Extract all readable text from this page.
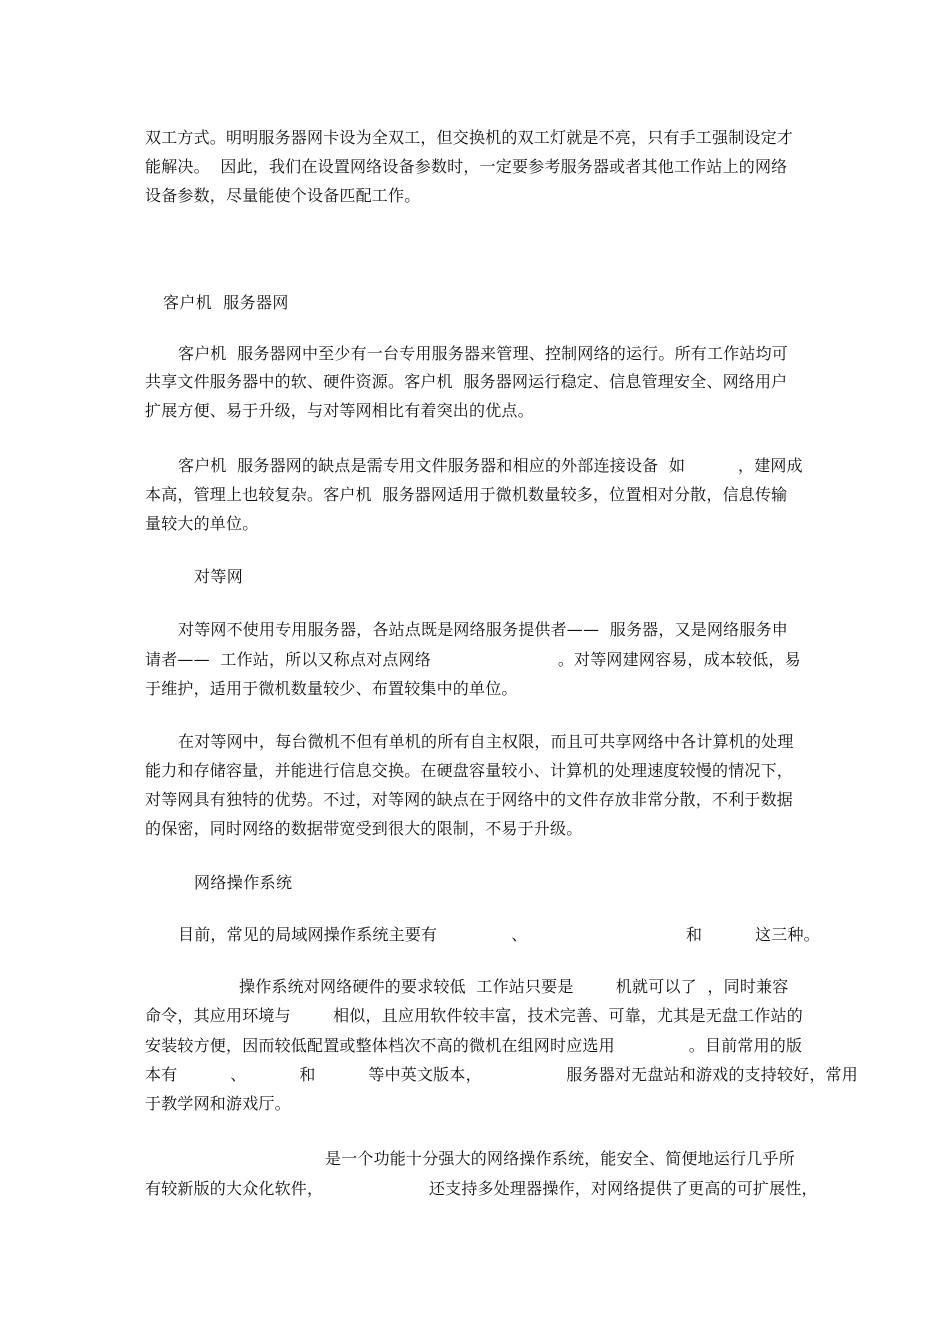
双工方式。明明服务器网卡设为全双工，但交换机的双工灯就是不亮，只有手工强制设定才
能解决。  因此，我们在设置网络设备参数时，一定要参考服务器或者其他工作站上的网络
设备参数，尽量能使个设备匹配工作。
客户机  服务器网
客户机  服务器网中至少有一台专用服务器来管理、控制网络的运行。所有工作站均可
共享文件服务器中的软、硬件资源。客户机  服务器网运行稳定、信息管理安全、网络用户
扩展方便、易于升级，与对等网相比有着突出的优点。
客户机  服务器网的缺点是需专用文件服务器和相应的外部连接设备  如          ，建网成
本高，管理上也较复杂。客户机  服务器网适用于微机数量较多，位置相对分散，信息传输
量较大的单位。
对等网
对等网不使用专用服务器，各站点既是网络服务提供者——  服务器，又是网络服务申
请者——  工作站，所以又称点对点网络                        。对等网建网容易，成本较低，易
于维护，适用于微机数量较少、布置较集中的单位。
在对等网中，每台微机不但有单机的所有自主权限，而且可共享网络中各计算机的处理
能力和存储容量，并能进行信息交换。在硬盘容量较小、计算机的处理速度较慢的情况下，
对等网具有独特的优势。不过，对等网的缺点在于网络中的文件存放非常分散，不利于数据
的保密，同时网络的数据带宽受到很大的限制，不易于升级。
网络操作系统
目前，常见的局域网操作系统主要有              、                              和          这三种。
操作系统对网络硬件的要求较低  工作站只要是        机就可以了  ，同时兼容
命令，其应用环境与        相似，且应用软件较丰富，技术完善、可靠，尤其是无盘工作站的
安装较方便，因而较低配置或整体档次不高的微机在组网时应选用              。目前常用的版
本有          、          和          等中英文版本，                服务器对无盘站和游戏的支持较好，常用
于教学网和游戏厅。
是一个功能十分强大的网络操作系统，能安全、简便地运行几乎所
有较新版的大众化软件，                    还支持多处理器操作，对网络提供了更高的可扩展性，
